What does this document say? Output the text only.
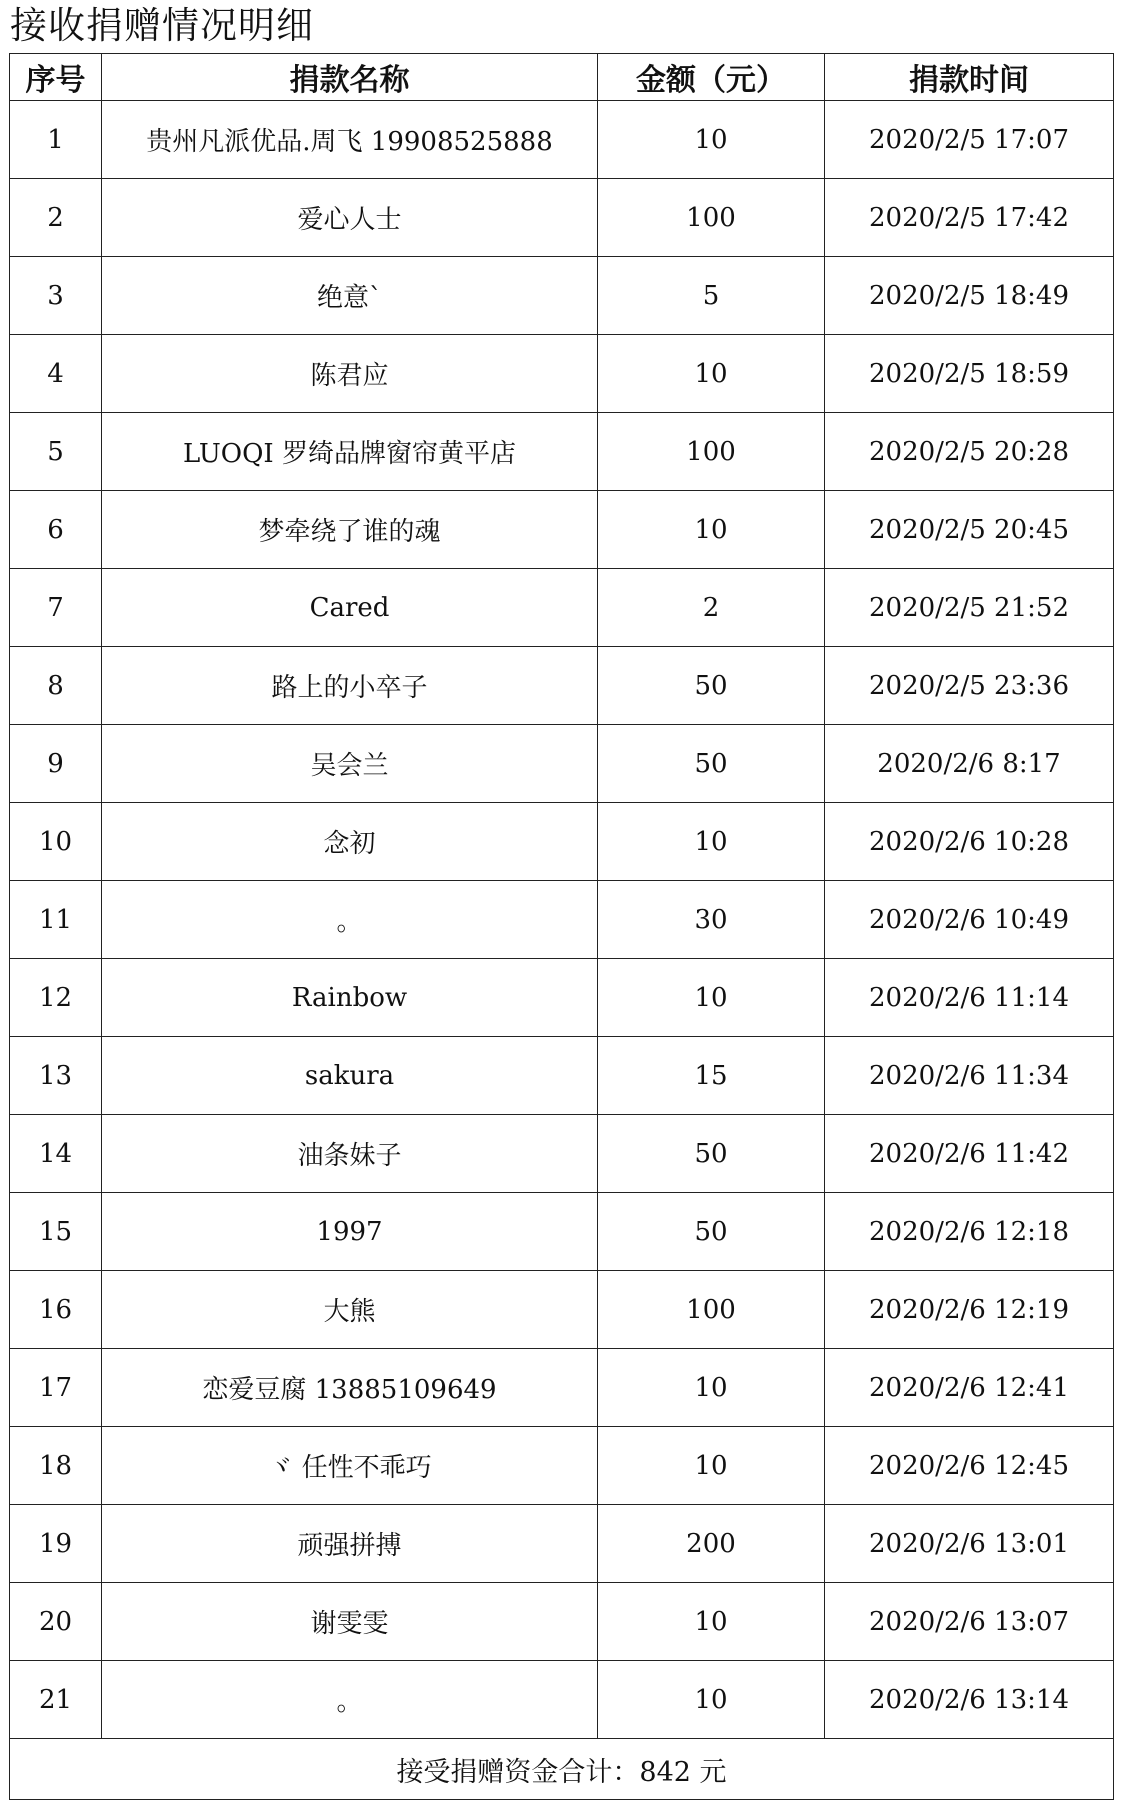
接收捐赠情况明细
序号	捐款名称	金额（元）	捐款时间
1	贵州凡派优品.周飞 19908525888	10	2020/2/5 17:07
2	爱心人士	100	2020/2/5 17:42
3	绝意`	5	2020/2/5 18:49
4	陈君应	10	2020/2/5 18:59
5	LUOQI 罗绮品牌窗帘黄平店	100	2020/2/5 20:28
6	梦牵绕了谁的魂	10	2020/2/5 20:45
7	Cared	2	2020/2/5 21:52
8	路上的小卒子	50	2020/2/5 23:36
9	吴会兰	50	2020/2/6 8:17
10	念初	10	2020/2/6 10:28
11	。	30	2020/2/6 10:49
12	Rainbow	10	2020/2/6 11:14
13	sakura	15	2020/2/6 11:34
14	油条妹子	50	2020/2/6 11:42
15	1997	50	2020/2/6 12:18
16	大熊	100	2020/2/6 12:19
17	恋爱豆腐 13885109649	10	2020/2/6 12:41
18	ヾ 任性不乖巧	10	2020/2/6 12:45
19	顽强拼搏	200	2020/2/6 13:01
20	谢雯雯	10	2020/2/6 13:07
21	。	10	2020/2/6 13:14
接受捐赠资金合计：842 元			
